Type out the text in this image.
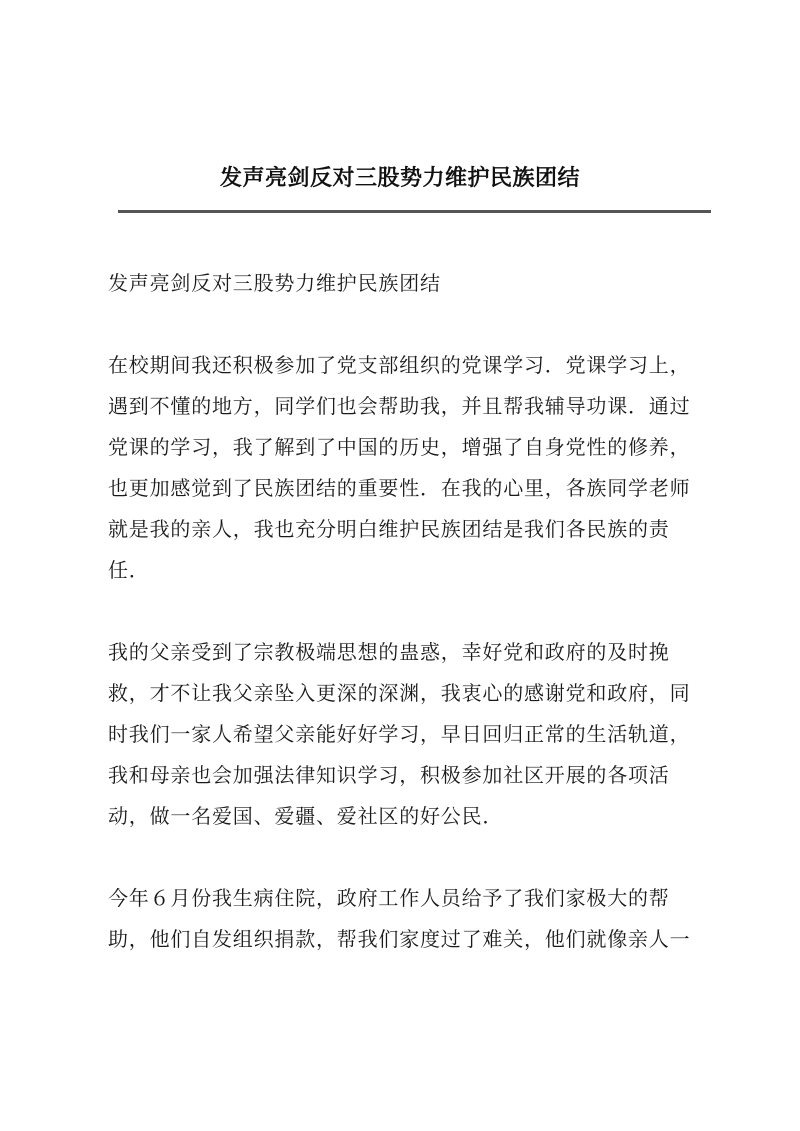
发声亮剑反对三股势力维护民族团结

发声亮剑反对三股势力维护民族团结

在校期间我还积极参加了党支部组织的党课学习．党课学习上，遇到不懂的地方，同学们也会帮助我，并且帮我辅导功课．通过党课的学习，我了解到了中国的历史，增强了自身党性的修养，也更加感觉到了民族团结的重要性．在我的心里，各族同学老师就是我的亲人，我也充分明白维护民族团结是我们各民族的责任．

我的父亲受到了宗教极端思想的蛊惑，幸好党和政府的及时挽救，才不让我父亲坠入更深的深渊，我衷心的感谢党和政府，同时我们一家人希望父亲能好好学习，早日回归正常的生活轨道，我和母亲也会加强法律知识学习，积极参加社区开展的各项活动，做一名爱国、爱疆、爱社区的好公民．

今年６月份我生病住院，政府工作人员给予了我们家极大的帮助，他们自发组织捐款，帮我们家度过了难关，他们就像亲人一
